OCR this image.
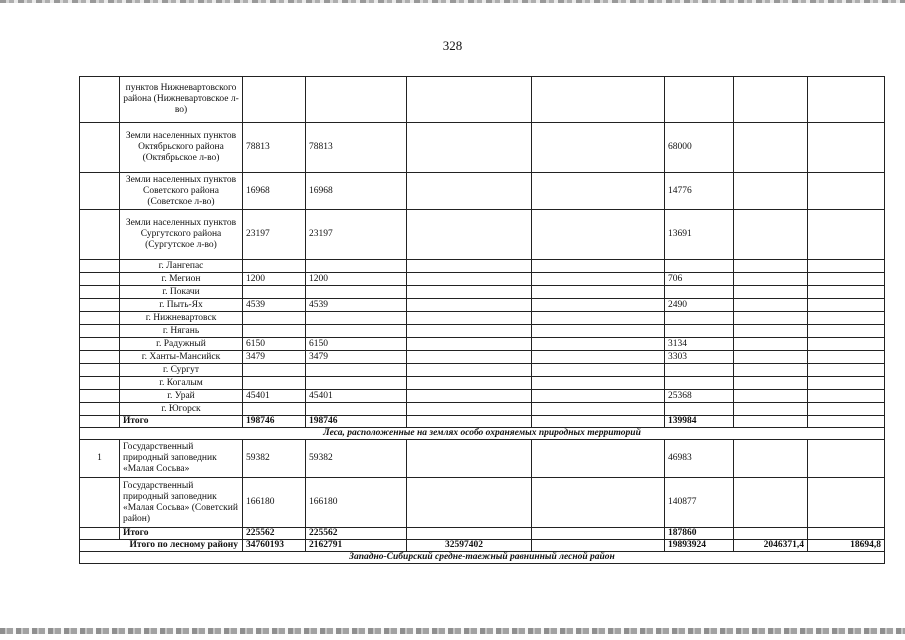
328
	пунктов Нижневартовского района (Нижневартовское л-во)							
	Земли населенных пунктов Октябрьского района (Октябрьское л-во)	78813	78813			68000		
	Земли населенных пунктов Советского района (Советское л-во)	16968	16968			14776		
	Земли населенных пунктов Сургутского района (Сургутское л-во)	23197	23197			13691		
	г. Лангепас							
	г. Мегион	1200	1200			706		
	г. Покачи							
	г. Пыть-Ях	4539	4539			2490		
	г. Нижневартовск							
	г. Нягань							
	г. Радужный	6150	6150			3134		
	г. Ханты-Мансийск	3479	3479			3303		
	г. Сургут							
	г. Когалым							
	г. Урай	45401	45401			25368		
	г. Югорск							
	Итого	198746	198746			139984		
Леса, расположенные на землях особо охраняемых природных территорий								
1	Государственный природный заповедник «Малая Сосьва»	59382	59382			46983		
	Государственный природный заповедник «Малая Сосьва» (Советский район)	166180	166180			140877		
	Итого	225562	225562			187860		
Итого по лесному району		34760193	2162791	32597402		19893924	2046371,4	18694,8
Западно-Сибирский средне-таежный равнинный лесной район								
